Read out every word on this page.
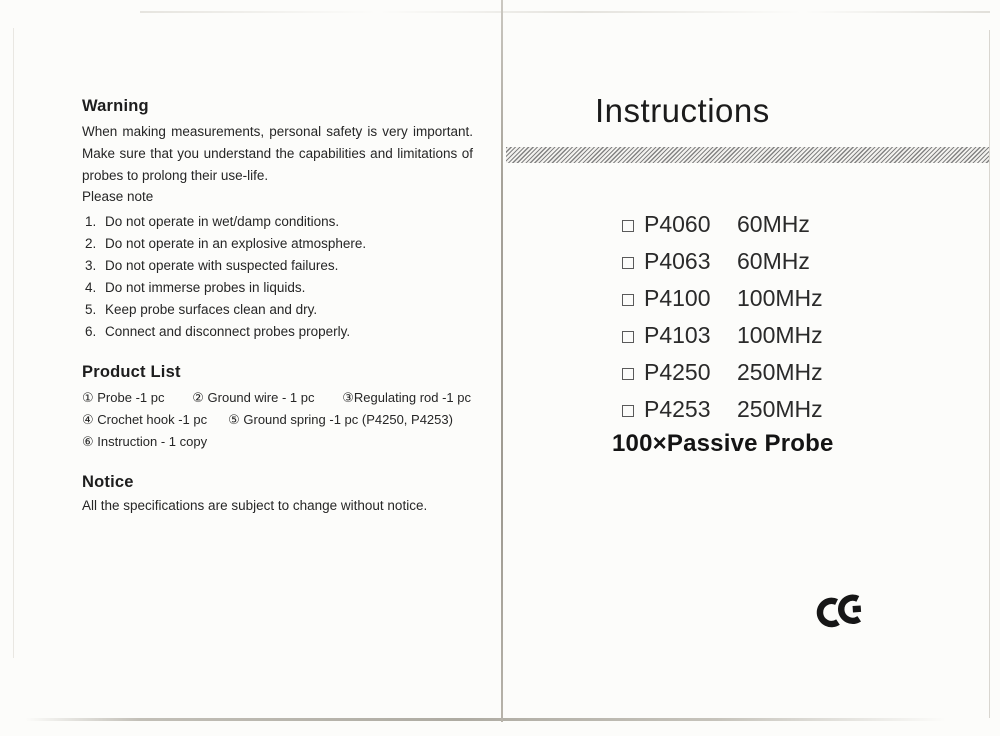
Warning
When making measurements, personal safety is very important. Make sure that you understand the capabilities and limitations of probes to prolong their use-life.
Please note
1. Do not operate in wet/damp conditions.
2. Do not operate in an explosive atmosphere.
3. Do not operate with suspected failures.
4. Do not immerse probes in liquids.
5. Keep probe surfaces clean and dry.
6. Connect and disconnect probes properly.
Product List
① Probe -1 pc ② Ground wire - 1 pc ③Regulating rod -1 pc
④ Crochet hook -1 pc ⑤ Ground spring -1 pc (P4250, P4253)
⑥ Instruction - 1 copy
Notice
All the specifications are subject to change without notice.
Instructions
P4060	60MHz
P4063	60MHz
P4100	100MHz
P4103	100MHz
P4250	250MHz
P4253	250MHz
100×Passive Probe
